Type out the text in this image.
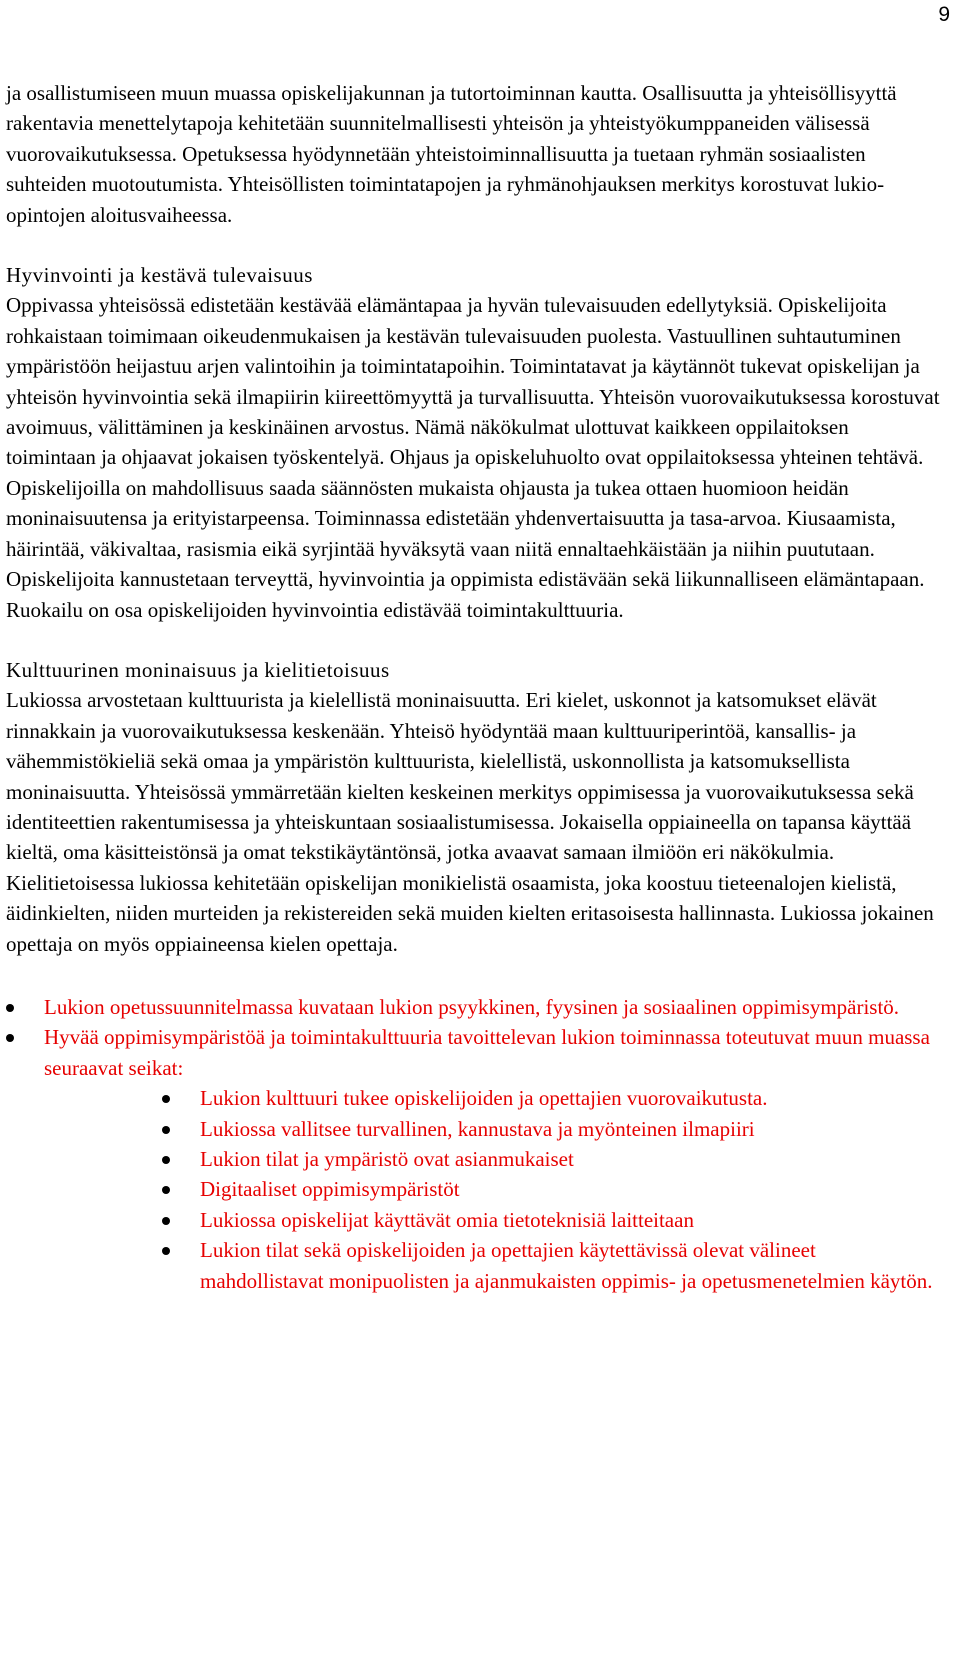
9

ja osallistumiseen muun muassa opiskelijakunnan ja tutortoiminnan kautta. Osallisuutta ja yhteisöllisyyttä rakentavia menettelytapoja kehitetään suunnitelmallisesti yhteisön ja yhteistyökumppaneiden välisessä vuorovaikutuksessa. Opetuksessa hyödynnetään yhteistoiminnallisuutta ja tuetaan ryhmän sosiaalisten suhteiden muotoutumista. Yhteisöllisten toimintatapojen ja ryhmänohjauksen merkitys korostuvat lukio-opintojen aloitusvaiheessa.

Hyvinvointi ja kestävä tulevaisuus

Oppivassa yhteisössä edistetään kestävää elämäntapaa ja hyvän tulevaisuuden edellytyksiä. Opiskelijoita rohkaistaan toimimaan oikeudenmukaisen ja kestävän tulevaisuuden puolesta. Vastuullinen suhtautuminen ympäristöön heijastuu arjen valintoihin ja toimintatapoihin. Toimintatavat ja käytännöt tukevat opiskelijan ja yhteisön hyvinvointia sekä ilmapiirin kiireettömyyttä ja turvallisuutta. Yhteisön vuorovaikutuksessa korostuvat avoimuus, välittäminen ja keskinäinen arvostus. Nämä näkökulmat ulottuvat kaikkeen oppilaitoksen toimintaan ja ohjaavat jokaisen työskentelyä. Ohjaus ja opiskeluhuolto ovat oppilaitoksessa yhteinen tehtävä. Opiskelijoilla on mahdollisuus saada säännösten mukaista ohjausta ja tukea ottaen huomioon heidän moninaisuutensa ja erityistarpeensa. Toiminnassa edistetään yhdenvertaisuutta ja tasa-arvoa. Kiusaamista, häirintää, väkivaltaa, rasismia eikä syrjintää hyväksytä vaan niitä ennaltaehkäistään ja niihin puututaan. Opiskelijoita kannustetaan terveyttä, hyvinvointia ja oppimista edistävään sekä liikunnalliseen elämäntapaan. Ruokailu on osa opiskelijoiden hyvinvointia edistävää toimintakulttuuria.

Kulttuurinen moninaisuus ja kielitietoisuus

Lukiossa arvostetaan kulttuurista ja kielellistä moninaisuutta. Eri kielet, uskonnot ja katsomukset elävät rinnakkain ja vuorovaikutuksessa keskenään. Yhteisö hyödyntää maan kulttuuriperintöä, kansallis- ja vähemmistökieliä sekä omaa ja ympäristön kulttuurista, kielellistä, uskonnollista ja katsomuksellista moninaisuutta. Yhteisössä ymmärretään kielten keskeinen merkitys oppimisessa ja vuorovaikutuksessa sekä identiteettien rakentumisessa ja yhteiskuntaan sosiaalistumisessa. Jokaisella oppiaineella on tapansa käyttää kieltä, oma käsitteistönsä ja omat tekstikäytäntönsä, jotka avaavat samaan ilmiöön eri näkökulmia. Kielitietoisessa lukiossa kehitetään opiskelijan monikielistä osaamista, joka koostuu tieteenalojen kielistä, äidinkielten, niiden murteiden ja rekistereiden sekä muiden kielten eritasoisesta hallinnasta. Lukiossa jokainen opettaja on myös oppiaineensa kielen opettaja.

Lukion opetussuunnitelmassa kuvataan lukion psyykkinen, fyysinen ja sosiaalinen oppimisympäristö.
Hyvää oppimisympäristöä ja toimintakulttuuria tavoittelevan lukion toiminnassa toteutuvat muun muassa seuraavat seikat:
Lukion kulttuuri tukee opiskelijoiden ja opettajien vuorovaikutusta.
Lukiossa vallitsee turvallinen, kannustava ja myönteinen ilmapiiri
Lukion tilat ja ympäristö ovat asianmukaiset
Digitaaliset oppimisympäristöt
Lukiossa opiskelijat käyttävät omia tietoteknisiä laitteitaan
Lukion tilat sekä opiskelijoiden ja opettajien käytettävissä olevat välineet mahdollistavat monipuolisten ja ajanmukaisten oppimis- ja opetusmenetelmien käytön.
